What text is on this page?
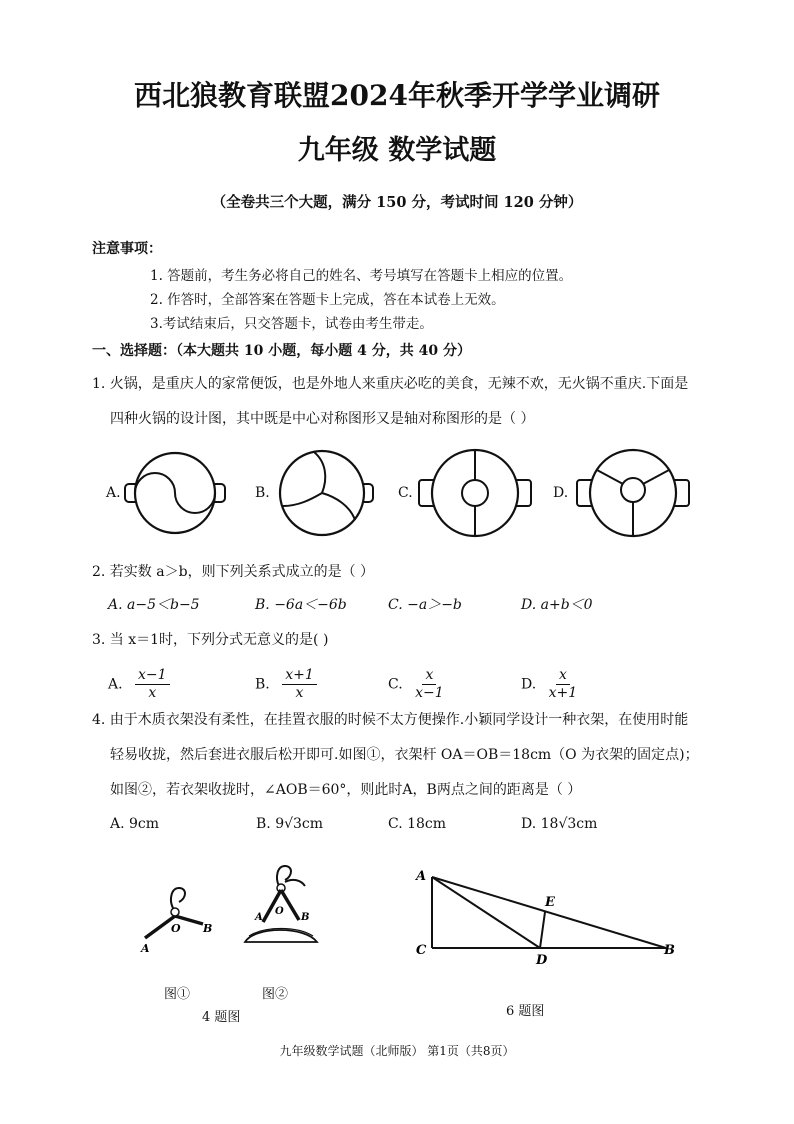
西北狼教育联盟2024年秋季开学学业调研
九年级 数学试题
（全卷共三个大题，满分 150 分，考试时间 120 分钟）
注意事项：
1. 答题前，考生务必将自己的姓名、考号填写在答题卡上相应的位置。
2. 作答时，全部答案在答题卡上完成，答在本试卷上无效。
3.考试结束后，只交答题卡，试卷由考生带走。
一、选择题：（本大题共 10 小题，每小题 4 分，共 40 分）
1. 火锅，是重庆人的家常便饭，也是外地人来重庆必吃的美食，无辣不欢，无火锅不重庆.下面是
四种火锅的设计图，其中既是中心对称图形又是轴对称图形的是（ ）
A.	B.	C.	D.
2. 若实数 a＞b，则下列关系式成立的是（ ）
A. a−5＜b−5	B. −6a＜−6b	C. −a＞−b	D. a+b＜0
3. 当 x＝1时，下列分式无意义的是( )
A. $\frac{x-1}{x}$	B. $\frac{x+1}{x}$	C. $\frac{x}{x-1}$	D. $\frac{x}{x+1}$
4. 由于木质衣架没有柔性，在挂置衣服的时候不太方便操作.小颖同学设计一种衣架，在使用时能
轻易收拢，然后套进衣服后松开即可.如图①，衣架杆 OA＝OB＝18cm（O 为衣架的固定点)；
如图②，若衣架收拢时，∠AOB＝60°，则此时A，B两点之间的距离是（ ）
A. 9cm	B. 9√3cm	C. 18cm	D. 18√3cm
A
O B
A
O
B
图①	图②
4 题图
A
C
D
E
B
6 题图
九年级数学试题（北师版） 第1页（共8页）
